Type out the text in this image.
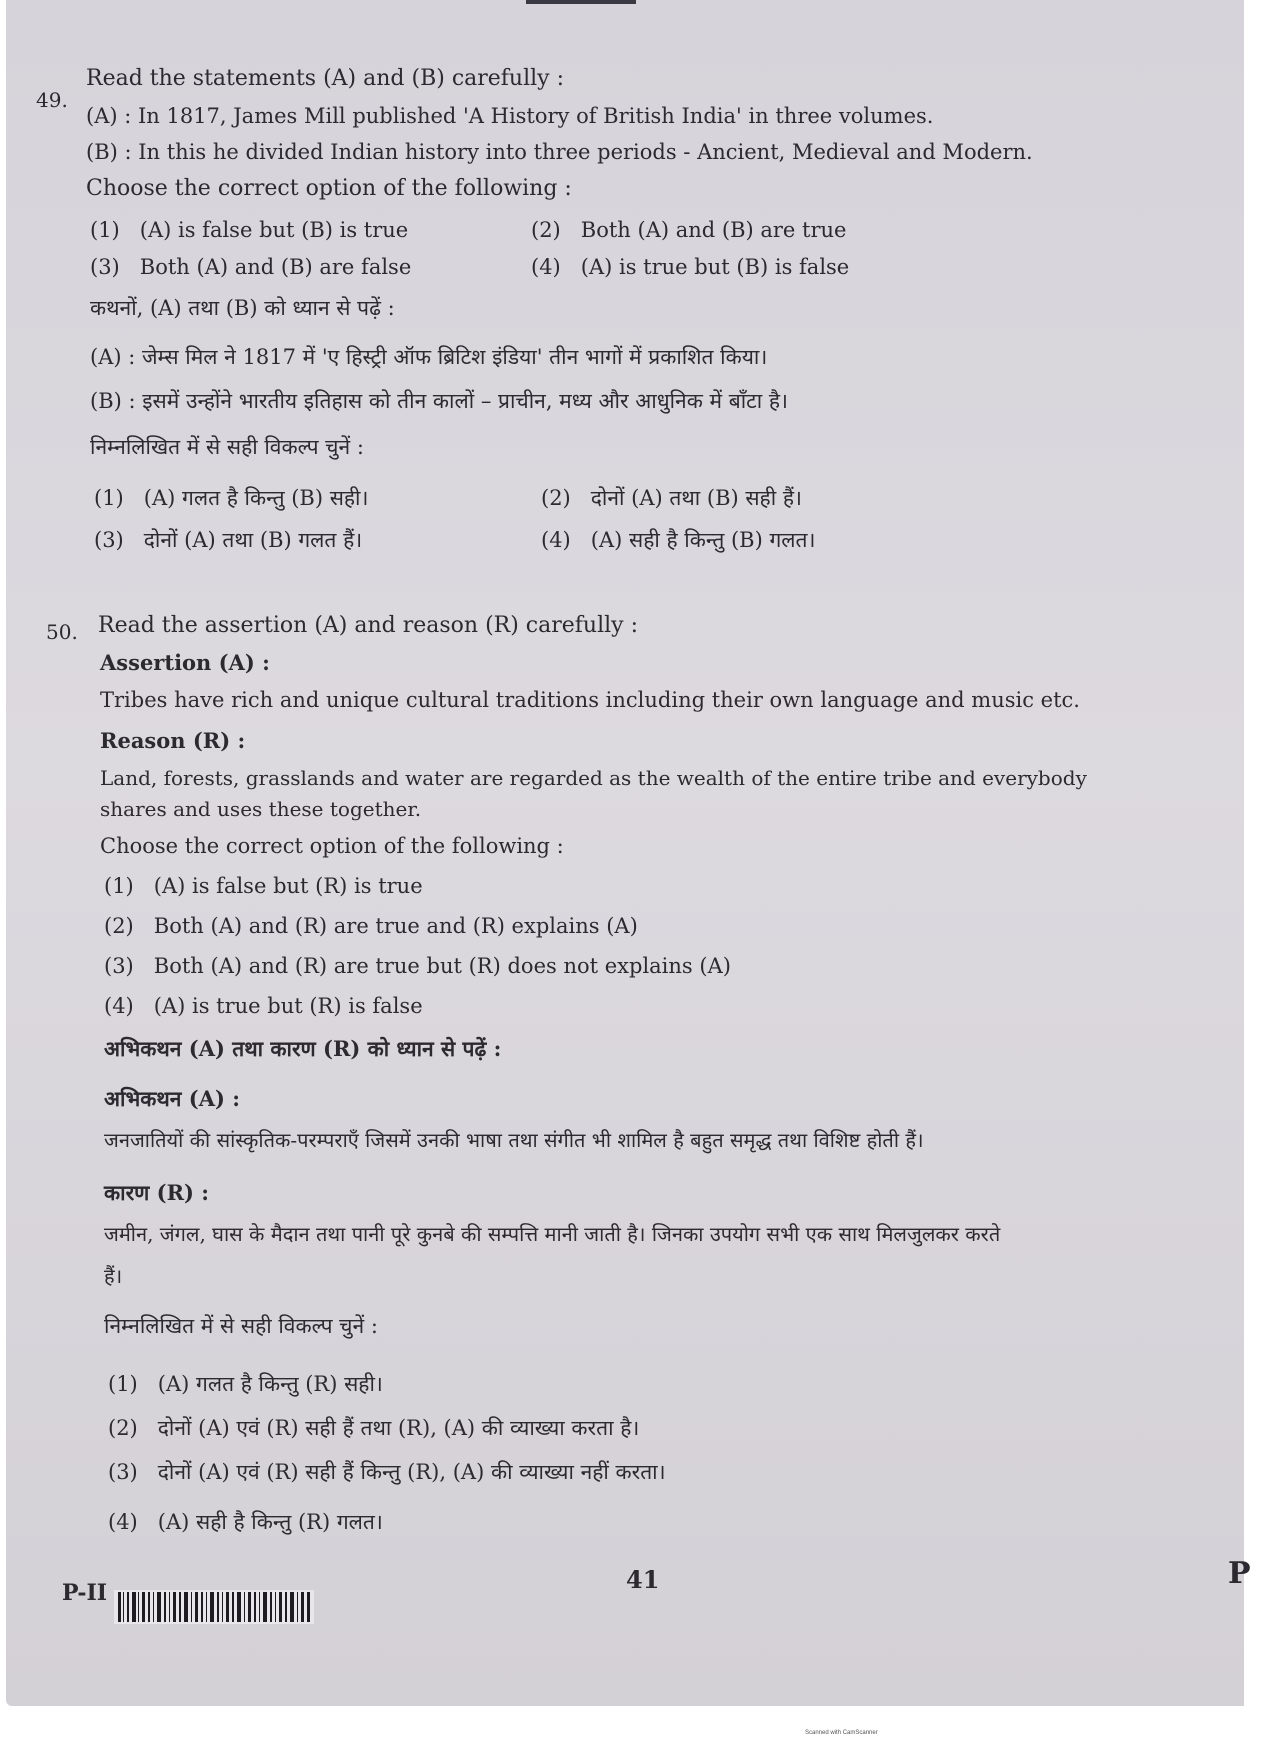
49.
Read the statements (A) and (B) carefully :
(A) : In 1817, James Mill published 'A History of British India' in three volumes.
(B) : In this he divided Indian history into three periods - Ancient, Medieval and Modern.
Choose the correct option of the following :
(1) (A) is false but (B) is true	(2) Both (A) and (B) are true
(3) Both (A) and (B) are false	(4) (A) is true but (B) is false
कथनों, (A) तथा (B) को ध्यान से पढ़ें :
(A) : जेम्स मिल ने 1817 में 'ए हिस्ट्री ऑफ ब्रिटिश इंडिया' तीन भागों में प्रकाशित किया।
(B) : इसमें उन्होंने भारतीय इतिहास को तीन कालों – प्राचीन, मध्य और आधुनिक में बाँटा है।
निम्नलिखित में से सही विकल्प चुनें :
(1) (A) गलत है किन्तु (B) सही।	(2) दोनों (A) तथा (B) सही हैं।
(3) दोनों (A) तथा (B) गलत हैं।	(4) (A) सही है किन्तु (B) गलत।
50. Read the assertion (A) and reason (R) carefully :
Assertion (A) :
Tribes have rich and unique cultural traditions including their own language and music etc.
Reason (R) :
Land, forests, grasslands and water are regarded as the wealth of the entire tribe and everybody
shares and uses these together.
Choose the correct option of the following :
(1) (A) is false but (R) is true
(2) Both (A) and (R) are true and (R) explains (A)
(3) Both (A) and (R) are true but (R) does not explains (A)
(4) (A) is true but (R) is false
अभिकथन (A) तथा कारण (R) को ध्यान से पढ़ें :
अभिकथन (A) :
जनजातियों की सांस्कृतिक-परम्पराएँ जिसमें उनकी भाषा तथा संगीत भी शामिल है बहुत समृद्ध तथा विशिष्ट होती हैं।
कारण (R) :
जमीन, जंगल, घास के मैदान तथा पानी पूरे कुनबे की सम्पत्ति मानी जाती है। जिनका उपयोग सभी एक साथ मिलजुलकर करते
हैं।
निम्नलिखित में से सही विकल्प चुनें :
(1) (A) गलत है किन्तु (R) सही।
(2) दोनों (A) एवं (R) सही हैं तथा (R), (A) की व्याख्या करता है।
(3) दोनों (A) एवं (R) सही हैं किन्तु (R), (A) की व्याख्या नहीं करता।
(4) (A) सही है किन्तु (R) गलत।
41
P-II
P
Scanned with CamScanner
